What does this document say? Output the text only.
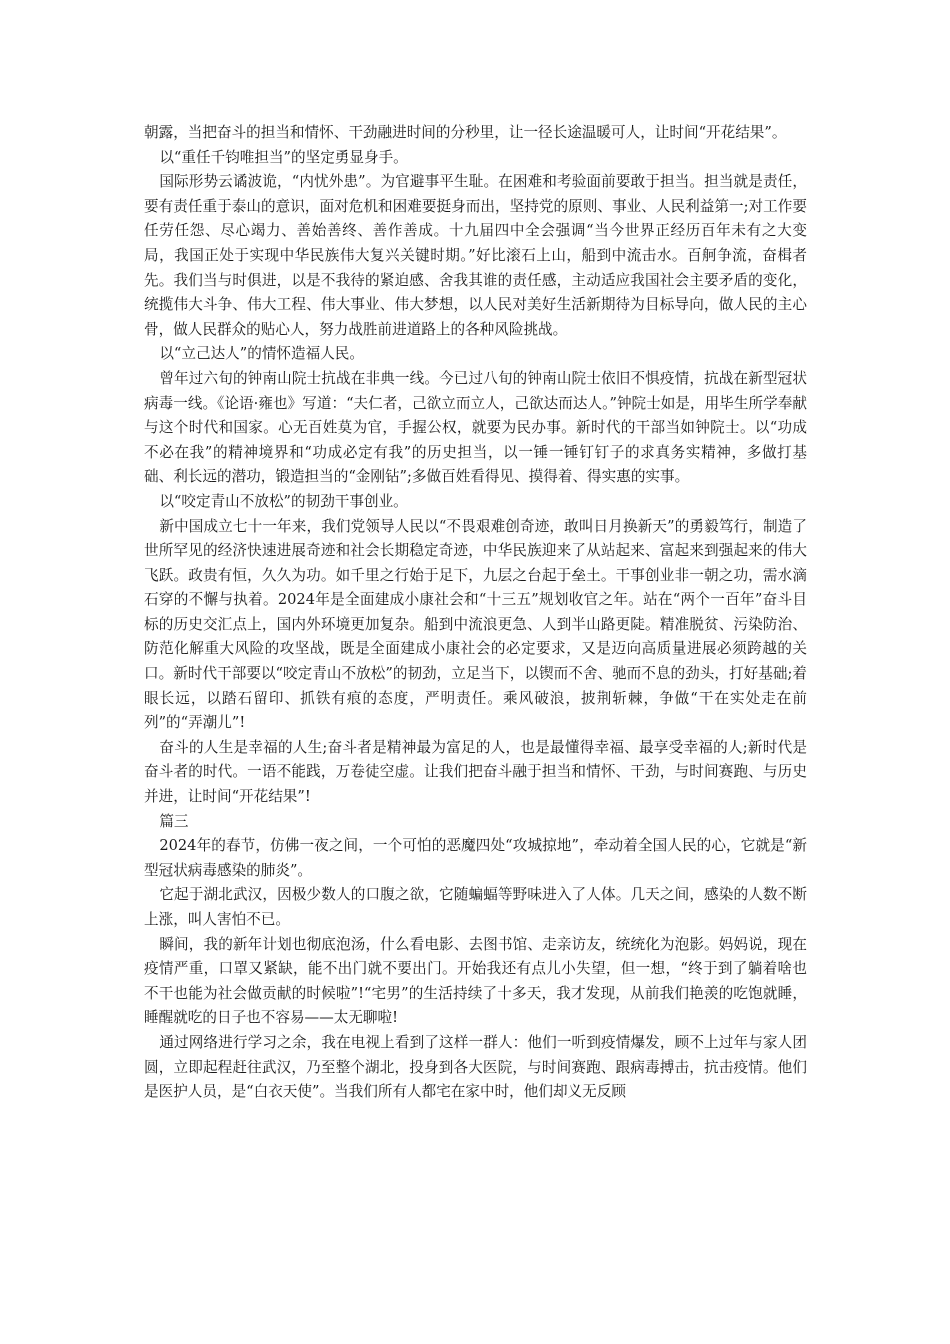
朝露，当把奋斗的担当和情怀、干劲融进时间的分秒里，让一径长途温暖可人，让时间“开花结果”。

以“重任千钧唯担当”的坚定勇显身手。

国际形势云谲波诡，“内忧外患”。为官避事平生耻。在困难和考验面前要敢于担当。担当就是责任，要有责任重于泰山的意识，面对危机和困难要挺身而出，坚持党的原则、事业、人民利益第一;对工作要任劳任怨、尽心竭力、善始善终、善作善成。十九届四中全会强调“当今世界正经历百年未有之大变局，我国正处于实现中华民族伟大复兴关键时期。”好比滚石上山，船到中流击水。百舸争流，奋楫者先。我们当与时俱进，以是不我待的紧迫感、舍我其谁的责任感，主动适应我国社会主要矛盾的变化，统揽伟大斗争、伟大工程、伟大事业、伟大梦想，以人民对美好生活新期待为目标导向，做人民的主心骨，做人民群众的贴心人，努力战胜前进道路上的各种风险挑战。

以“立己达人”的情怀造福人民。

曾年过六旬的钟南山院士抗战在非典一线。今已过八旬的钟南山院士依旧不惧疫情，抗战在新型冠状病毒一线。《论语·雍也》写道：“夫仁者，己欲立而立人，己欲达而达人。”钟院士如是，用毕生所学奉献与这个时代和国家。心无百姓莫为官，手握公权，就要为民办事。新时代的干部当如钟院士。以“功成不必在我”的精神境界和“功成必定有我”的历史担当，以一锤一锤钉钉子的求真务实精神，多做打基础、利长远的潜功，锻造担当的“金刚钻”;多做百姓看得见、摸得着、得实惠的实事。

以“咬定青山不放松”的韧劲干事创业。

新中国成立七十一年来，我们党领导人民以“不畏艰难创奇迹，敢叫日月换新天”的勇毅笃行，制造了世所罕见的经济快速进展奇迹和社会长期稳定奇迹，中华民族迎来了从站起来、富起来到强起来的伟大飞跃。政贵有恒，久久为功。如千里之行始于足下，九层之台起于垒土。干事创业非一朝之功，需水滴石穿的不懈与执着。2024年是全面建成小康社会和“十三五”规划收官之年。站在“两个一百年”奋斗目标的历史交汇点上，国内外环境更加复杂。船到中流浪更急、人到半山路更陡。精准脱贫、污染防治、防范化解重大风险的攻坚战，既是全面建成小康社会的必定要求，又是迈向高质量进展必须跨越的关口。新时代干部要以“咬定青山不放松”的韧劲，立足当下，以锲而不舍、驰而不息的劲头，打好基础;着眼长远，以踏石留印、抓铁有痕的态度，严明责任。乘风破浪，披荆斩棘，争做“干在实处走在前列”的“弄潮儿”!

奋斗的人生是幸福的人生;奋斗者是精神最为富足的人，也是最懂得幸福、最享受幸福的人;新时代是奋斗者的时代。一语不能践，万卷徒空虚。让我们把奋斗融于担当和情怀、干劲，与时间赛跑、与历史并进，让时间“开花结果”!

篇三

2024年的春节，仿佛一夜之间，一个可怕的恶魔四处“攻城掠地”，牵动着全国人民的心，它就是“新型冠状病毒感染的肺炎”。

它起于湖北武汉，因极少数人的口腹之欲，它随蝙蝠等野味进入了人体。几天之间，感染的人数不断上涨，叫人害怕不已。

瞬间，我的新年计划也彻底泡汤，什么看电影、去图书馆、走亲访友，统统化为泡影。妈妈说，现在疫情严重，口罩又紧缺，能不出门就不要出门。开始我还有点儿小失望，但一想，“终于到了躺着啥也不干也能为社会做贡献的时候啦”!“宅男”的生活持续了十多天，我才发现，从前我们艳羡的吃饱就睡，睡醒就吃的日子也不容易——太无聊啦!

通过网络进行学习之余，我在电视上看到了这样一群人：他们一听到疫情爆发，顾不上过年与家人团圆，立即起程赶往武汉，乃至整个湖北，投身到各大医院，与时间赛跑、跟病毒搏击，抗击疫情。他们是医护人员，是“白衣天使”。当我们所有人都宅在家中时，他们却义无反顾
